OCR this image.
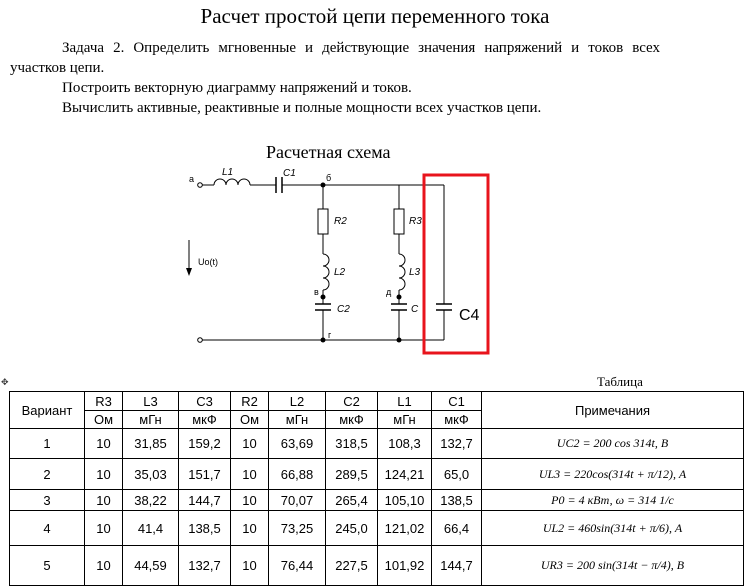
Расчет простой цепи переменного тока
Задача 2. Определить мгновенные и действующие значения напряжений и токов всех участков цепи.
Построить векторную диаграмму напряжений и токов.
Вычислить активные, реактивные и полные мощности всех участков цепи.
Расчетная схема
а	б
в
г
д
Uo(t)
L1	C1
R2
L2
C2
R3
L3
C	C4
✥	Таблица
Вариант	R3	L3	C3	R2	L2	C2	L1	C1	Примечания
	Ом	мГн	мкФ	Ом	мГн	мкФ	мГн	мкФ	
1	10	31,85	159,2	10	63,69	318,5	108,3	132,7	UC2 = 200 cos 314t, B
2	10	35,03	151,7	10	66,88	289,5	124,21	65,0	UL3 = 220cos(314t + π/12), A
3	10	38,22	144,7	10	70,07	265,4	105,10	138,5	P0 = 4 кВт, ω = 314 1/c
4	10	41,4	138,5	10	73,25	245,0	121,02	66,4	UL2 = 460sin(314t + π/6), A
5	10	44,59	132,7	10	76,44	227,5	101,92	144,7	UR3 = 200 sin(314t − π/4), B
